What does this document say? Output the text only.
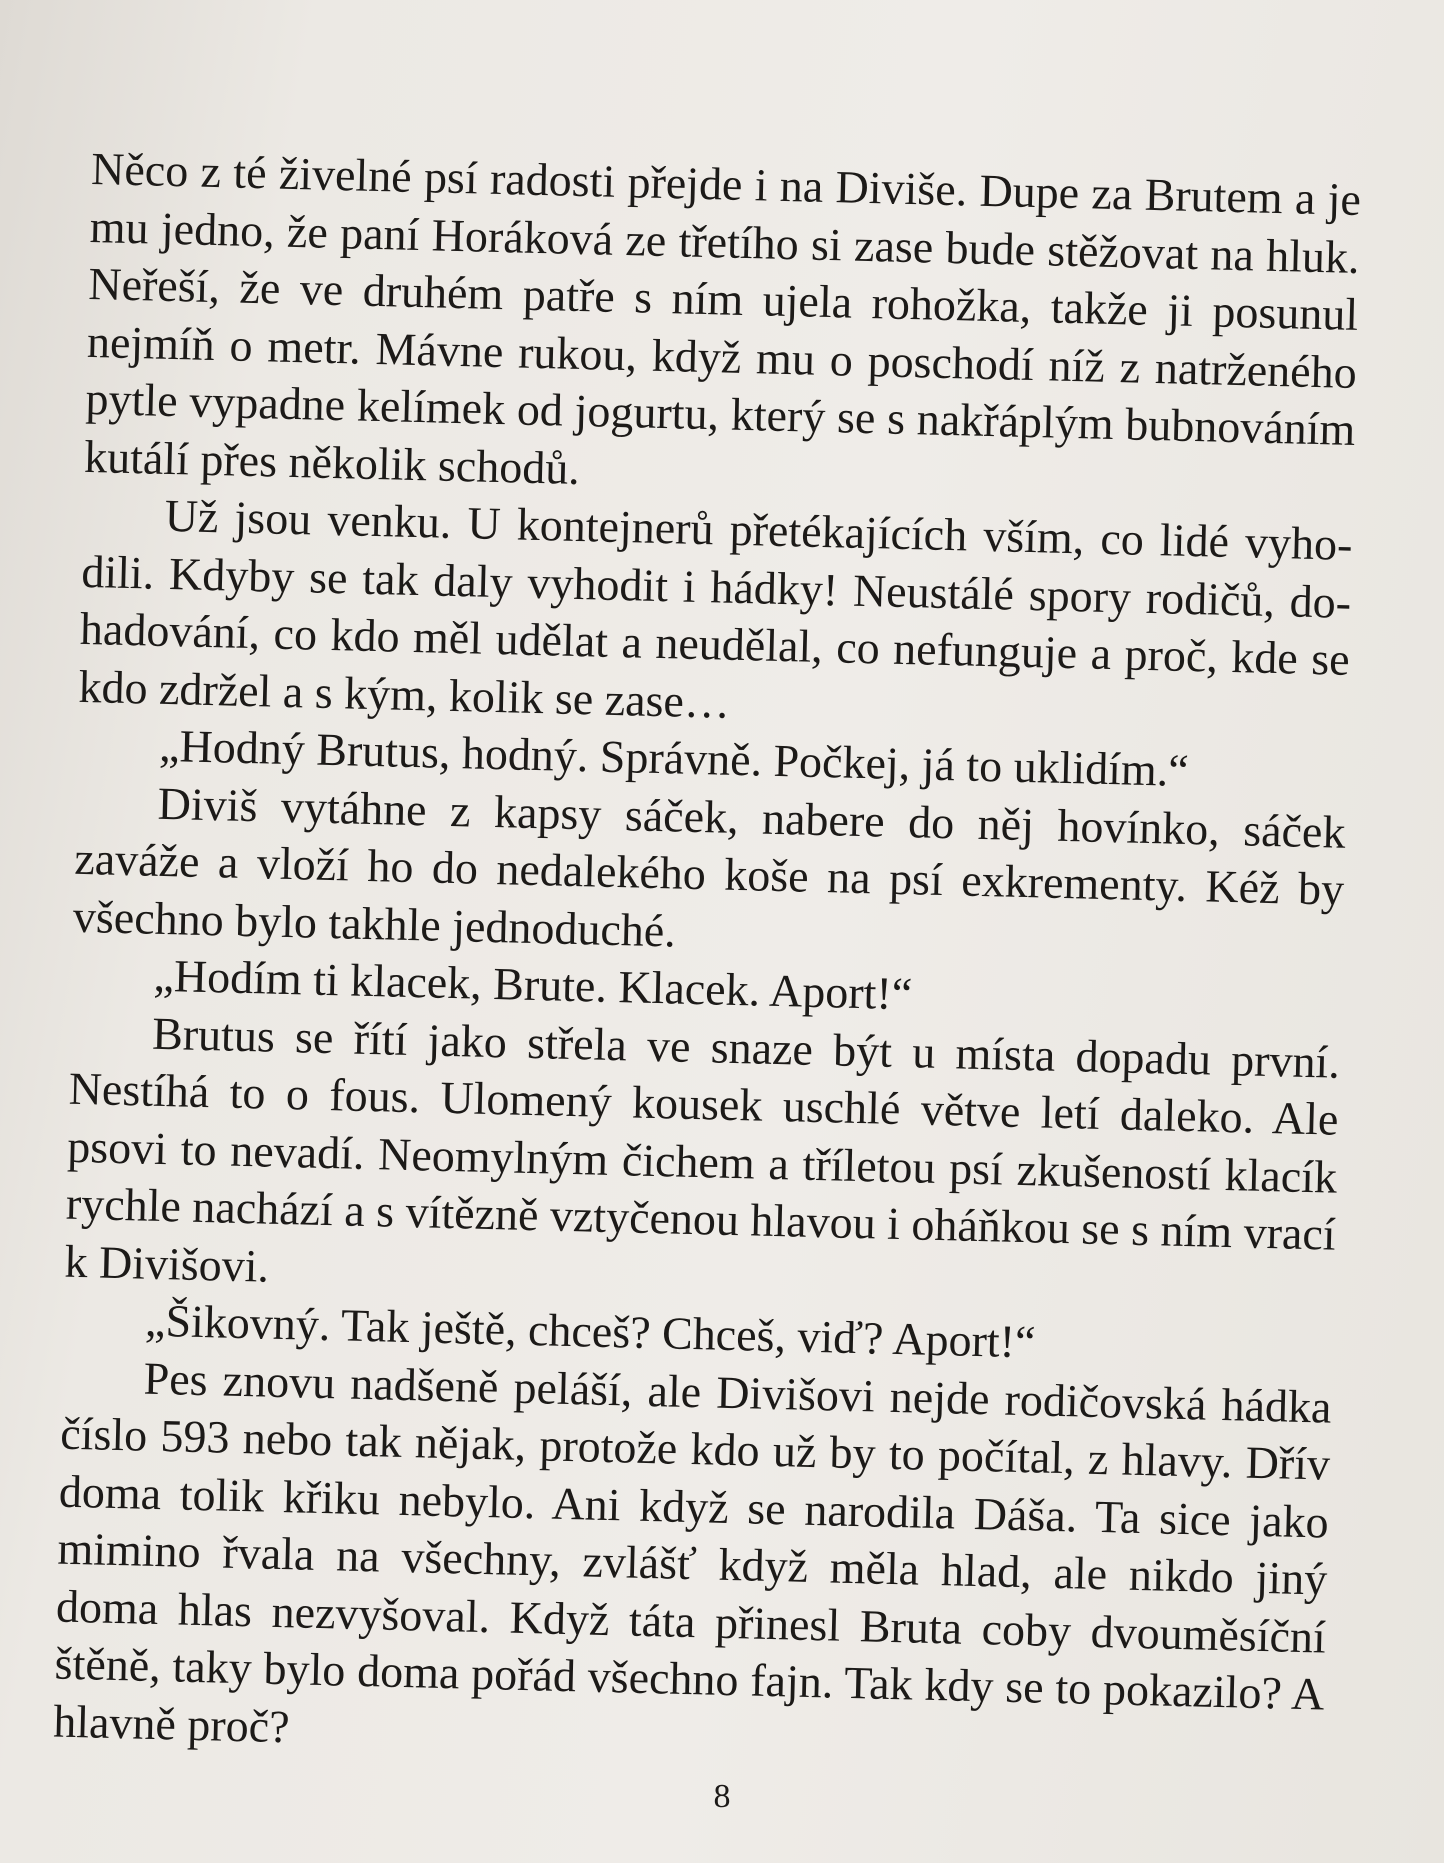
Něco z té živelné psí radosti přejde i na Diviše. Dupe za Brutem a je mu jedno, že paní Horáková ze třetího si zase bude stěžovat na hluk. Neřeší, že ve druhém patře s ním ujela rohožka, takže ji posunul nejmíň o metr. Mávne rukou, když mu o poschodí níž z natrženého pytle vypadne kelímek od jogurtu, který se s nakřáplým bubnováním kutálí přes několik schodů.

Už jsou venku. U kontejnerů přetékajících vším, co lidé vyhodili. Kdyby se tak daly vyhodit i hádky! Neustálé spory rodičů, dohadování, co kdo měl udělat a neudělal, co nefunguje a proč, kde se kdo zdržel a s kým, kolik se zase…

„Hodný Brutus, hodný. Správně. Počkej, já to uklidím.“

Diviš vytáhne z kapsy sáček, nabere do něj hovínko, sáček zaváže a vloží ho do nedalekého koše na psí exkrementy. Kéž by všechno bylo takhle jednoduché.

„Hodím ti klacek, Brute. Klacek. Aport!“

Brutus se řítí jako střela ve snaze být u místa dopadu první. Nestíhá to o fous. Ulomený kousek uschlé větve letí daleko. Ale psovi to nevadí. Neomylným čichem a tříletou psí zkušeností klacík rychle nachází a s vítězně vztyčenou hlavou i oháňkou se s ním vrací k Divišovi.

„Šikovný. Tak ještě, chceš? Chceš, viď? Aport!“

Pes znovu nadšeně peláší, ale Divišovi nejde rodičovská hádka číslo 593 nebo tak nějak, protože kdo už by to počítal, z hlavy. Dřív doma tolik křiku nebylo. Ani když se narodila Dáša. Ta sice jako mimino řvala na všechny, zvlášť když měla hlad, ale nikdo jiný doma hlas nezvyšoval. Když táta přinesl Bruta coby dvouměsíční štěně, taky bylo doma pořád všechno fajn. Tak kdy se to pokazilo? A hlavně proč?

8
